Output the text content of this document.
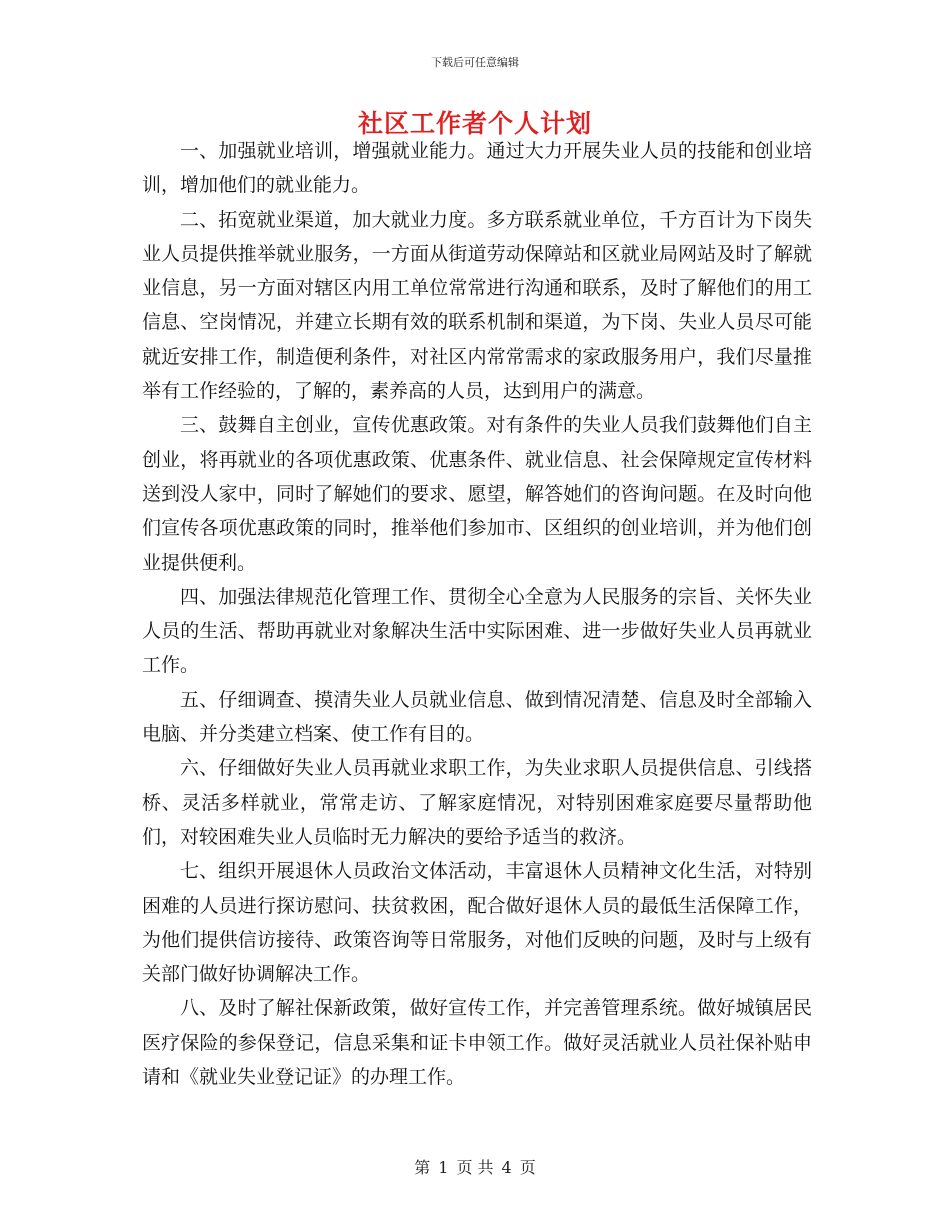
下载后可任意编辑
社区工作者个人计划

一、加强就业培训，增强就业能力。通过大力开展失业人员的技能和创业培训，增加他们的就业能力。

二、拓宽就业渠道，加大就业力度。多方联系就业单位，千方百计为下岗失业人员提供推举就业服务，一方面从街道劳动保障站和区就业局网站及时了解就业信息，另一方面对辖区内用工单位常常进行沟通和联系，及时了解他们的用工信息、空岗情况，并建立长期有效的联系机制和渠道，为下岗、失业人员尽可能就近安排工作，制造便利条件，对社区内常常需求的家政服务用户，我们尽量推举有工作经验的，了解的，素养高的人员，达到用户的满意。

三、鼓舞自主创业，宣传优惠政策。对有条件的失业人员我们鼓舞他们自主创业，将再就业的各项优惠政策、优惠条件、就业信息、社会保障规定宣传材料送到没人家中，同时了解她们的要求、愿望，解答她们的咨询问题。在及时向他们宣传各项优惠政策的同时，推举他们参加市、区组织的创业培训，并为他们创业提供便利。

四、加强法律规范化管理工作、贯彻全心全意为人民服务的宗旨、关怀失业人员的生活、帮助再就业对象解决生活中实际困难、进一步做好失业人员再就业工作。

五、仔细调查、摸清失业人员就业信息、做到情况清楚、信息及时全部输入电脑、并分类建立档案、使工作有目的。

六、仔细做好失业人员再就业求职工作，为失业求职人员提供信息、引线搭桥、灵活多样就业，常常走访、了解家庭情况，对特别困难家庭要尽量帮助他们，对较困难失业人员临时无力解决的要给予适当的救济。

七、组织开展退休人员政治文体活动，丰富退休人员精神文化生活，对特别困难的人员进行探访慰问、扶贫救困，配合做好退休人员的最低生活保障工作，为他们提供信访接待、政策咨询等日常服务，对他们反映的问题，及时与上级有关部门做好协调解决工作。

八、及时了解社保新政策，做好宣传工作，并完善管理系统。做好城镇居民医疗保险的参保登记，信息采集和证卡申领工作。做好灵活就业人员社保补贴申请和《就业失业登记证》的办理工作。

第 1 页 共 4 页
